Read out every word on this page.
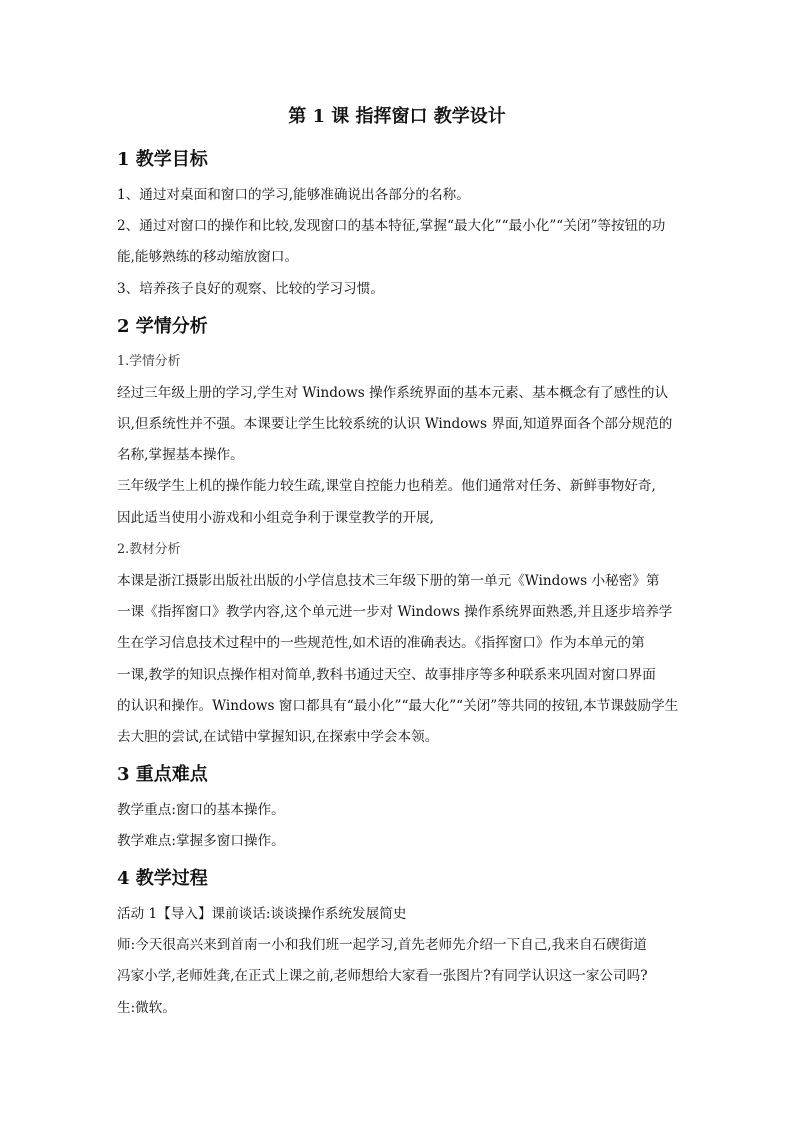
第 1 课 指挥窗口 教学设计
1 教学目标
1、通过对桌面和窗口的学习,能够准确说出各部分的名称。
2、通过对窗口的操作和比较,发现窗口的基本特征,掌握“最大化”“最小化”“关闭”等按钮的功
能,能够熟练的移动缩放窗口。
3、培养孩子良好的观察、比较的学习习惯。
2 学情分析
1.学情分析
经过三年级上册的学习,学生对 Windows 操作系统界面的基本元素、基本概念有了感性的认
识,但系统性并不强。本课要让学生比较系统的认识 Windows 界面,知道界面各个部分规范的
名称,掌握基本操作。
三年级学生上机的操作能力较生疏,课堂自控能力也稍差。他们通常对任务、新鲜事物好奇,
因此适当使用小游戏和小组竞争利于课堂教学的开展,
2.教材分析
本课是浙江摄影出版社出版的小学信息技术三年级下册的第一单元《Windows 小秘密》第
一课《指挥窗口》教学内容,这个单元进一步对 Windows 操作系统界面熟悉,并且逐步培养学
生在学习信息技术过程中的一些规范性,如术语的准确表达。《指挥窗口》作为本单元的第
一课,教学的知识点操作相对简单,教科书通过天空、故事排序等多种联系来巩固对窗口界面
的认识和操作。Windows 窗口都具有“最小化”“最大化”“关闭”等共同的按钮,本节课鼓励学生
去大胆的尝试,在试错中掌握知识,在探索中学会本领。
3 重点难点
教学重点:窗口的基本操作。
教学难点:掌握多窗口操作。
4 教学过程
活动 1【导入】课前谈话:谈谈操作系统发展简史
师:今天很高兴来到首南一小和我们班一起学习,首先老师先介绍一下自己,我来自石碶街道
冯家小学,老师姓龚,在正式上课之前,老师想给大家看一张图片?有同学认识这一家公司吗?
生:微软。
